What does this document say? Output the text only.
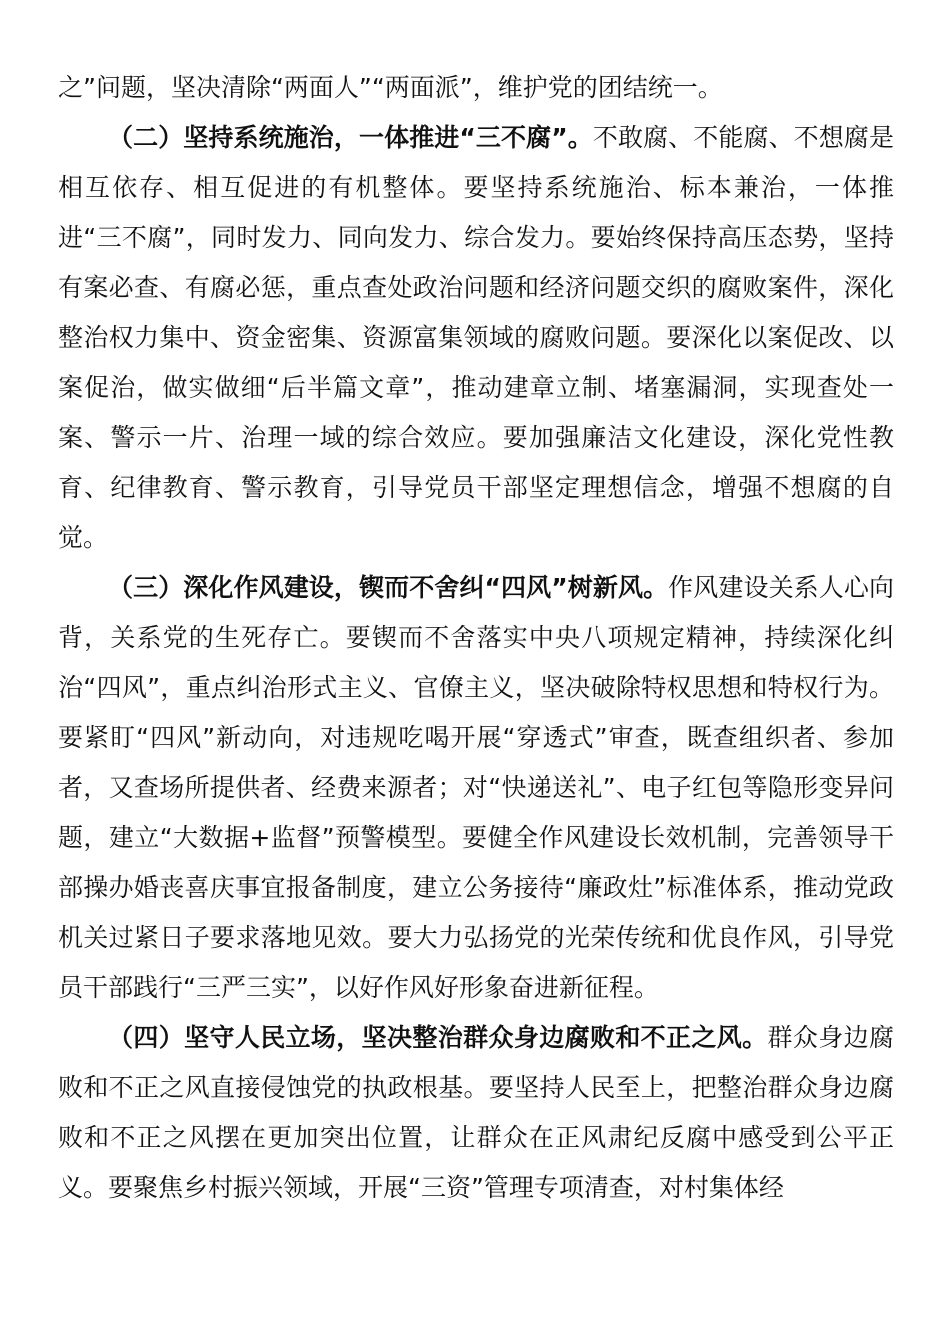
之”问题，坚决清除“两面人”“两面派”，维护党的团结统一。

（二）坚持系统施治，一体推进“三不腐”。不敢腐、不能腐、不想腐是相互依存、相互促进的有机整体。要坚持系统施治、标本兼治，一体推进“三不腐”，同时发力、同向发力、综合发力。要始终保持高压态势，坚持有案必查、有腐必惩，重点查处政治问题和经济问题交织的腐败案件，深化整治权力集中、资金密集、资源富集领域的腐败问题。要深化以案促改、以案促治，做实做细“后半篇文章”，推动建章立制、堵塞漏洞，实现查处一案、警示一片、治理一域的综合效应。要加强廉洁文化建设，深化党性教育、纪律教育、警示教育，引导党员干部坚定理想信念，增强不想腐的自觉。

（三）深化作风建设，锲而不舍纠“四风”树新风。作风建设关系人心向背，关系党的生死存亡。要锲而不舍落实中央八项规定精神，持续深化纠治“四风”，重点纠治形式主义、官僚主义，坚决破除特权思想和特权行为。要紧盯“四风”新动向，对违规吃喝开展“穿透式”审查，既查组织者、参加者，又查场所提供者、经费来源者；对“快递送礼”、电子红包等隐形变异问题，建立“大数据+监督”预警模型。要健全作风建设长效机制，完善领导干部操办婚丧喜庆事宜报备制度，建立公务接待“廉政灶”标准体系，推动党政机关过紧日子要求落地见效。要大力弘扬党的光荣传统和优良作风，引导党员干部践行“三严三实”，以好作风好形象奋进新征程。

（四）坚守人民立场，坚决整治群众身边腐败和不正之风。群众身边腐败和不正之风直接侵蚀党的执政根基。要坚持人民至上，把整治群众身边腐败和不正之风摆在更加突出位置，让群众在正风肃纪反腐中感受到公平正义。要聚焦乡村振兴领域，开展“三资”管理专项清查，对村集体经
